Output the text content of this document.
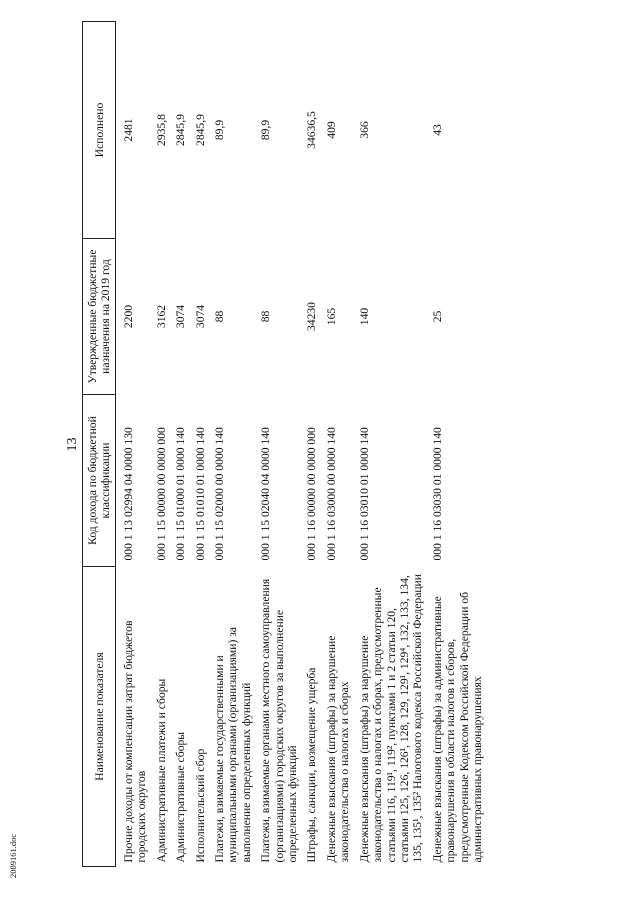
13
Наименование показателя	Код дохода по бюджетной классификации	Утвержденные бюджетные назначения на 2019 год	Исполнено
Прочие доходы от компенсации затрат бюджетов городских округов	000 1 13 02994 04 0000 130	2200	2481
Административные платежи и сборы	000 1 15 00000 00 0000 000	3162	2935,8
Административные сборы	000 1 15 01000 01 0000 140	3074	2845,9
Исполнительский сбор	000 1 15 01010 01 0000 140	3074	2845,9
Платежи, взимаемые государственными и муниципальными органами (организациями) за выполнение определенных функций	000 1 15 02000 00 0000 140	88	89,9
Платежи, взимаемые органами местного самоуправления (организациями) городских округов за выполнение определенных функций	000 1 15 02040 04 0000 140	88	89,9
Штрафы, санкции, возмещение ущерба	000 1 16 00000 00 0000 000	34230	34636,5
Денежные взыскания (штрафы) за нарушение законодательства о налогах и сборах	000 1 16 03000 00 0000 140	165	409
Денежные взыскания (штрафы) за нарушение законодательства о налогах и сборах, предусмотренные статьями 116, 119¹, 119², пунктами 1 и 2 статьи 120, статьями 125, 126, 126¹, 128, 129, 129¹, 129⁴, 132, 133, 134, 135, 135¹, 135² Налогового кодекса Российской Федерации	000 1 16 03010 01 0000 140	140	366
Денежные взыскания (штрафы) за административные правонарушения в области налогов и сборов, предусмотренные Кодексом Российской Федерации об административных правонарушениях	000 1 16 03030 01 0000 140	25	43
2009161.doc
